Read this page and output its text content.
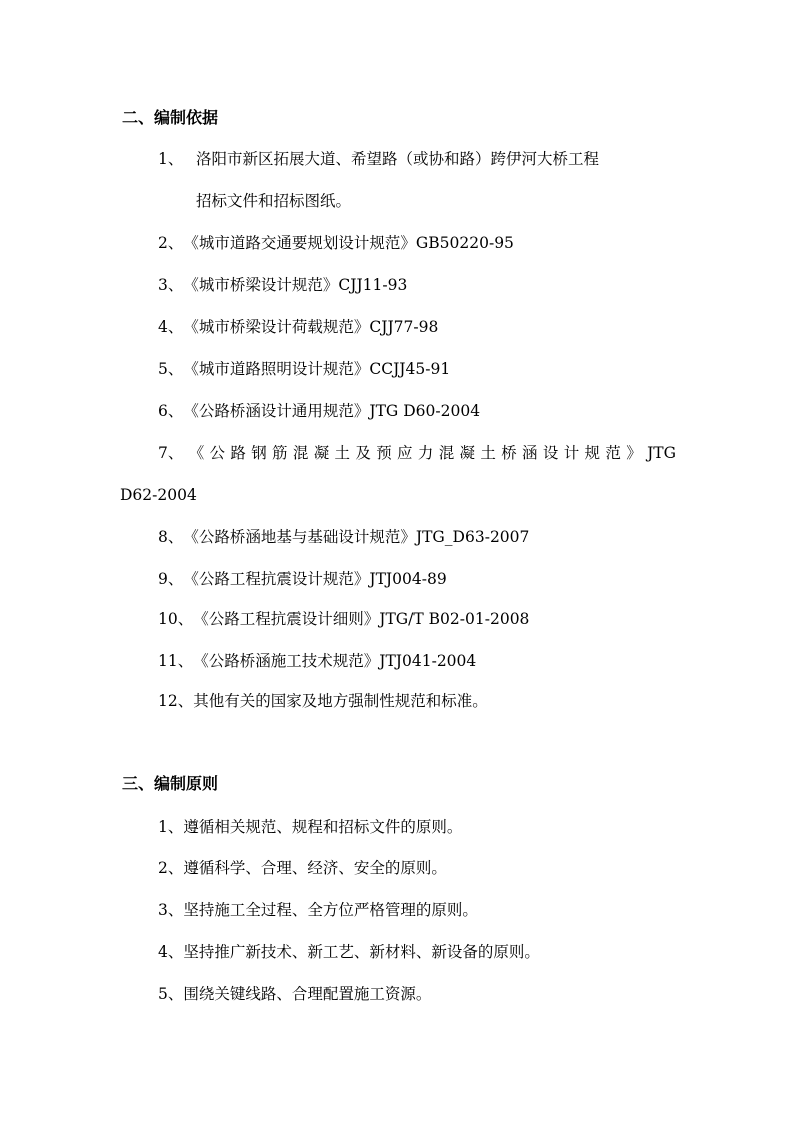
二、编制依据
1、 洛阳市新区拓展大道、希望路（或协和路）跨伊河大桥工程
招标文件和招标图纸。
2、《城市道路交通要规划设计规范》GB50220-95
3、《城市桥梁设计规范》CJJ11-93
4、《城市桥梁设计荷载规范》CJJ77-98
5、《城市道路照明设计规范》CCJJ45-91
6、《公路桥涵设计通用规范》JTG D60-2004
7、《公路钢筋混凝土及预应力混凝土桥涵设计规范》JTG
D62-2004
8、《公路桥涵地基与基础设计规范》JTG_D63-2007
9、《公路工程抗震设计规范》JTJ004-89
10、《公路工程抗震设计细则》JTG/T B02-01-2008
11、《公路桥涵施工技术规范》JTJ041-2004
12、其他有关的国家及地方强制性规范和标准。
三、编制原则
1、遵循相关规范、规程和招标文件的原则。
2、遵循科学、合理、经济、安全的原则。
3、坚持施工全过程、全方位严格管理的原则。
4、坚持推广新技术、新工艺、新材料、新设备的原则。
5、围绕关键线路、合理配置施工资源。
